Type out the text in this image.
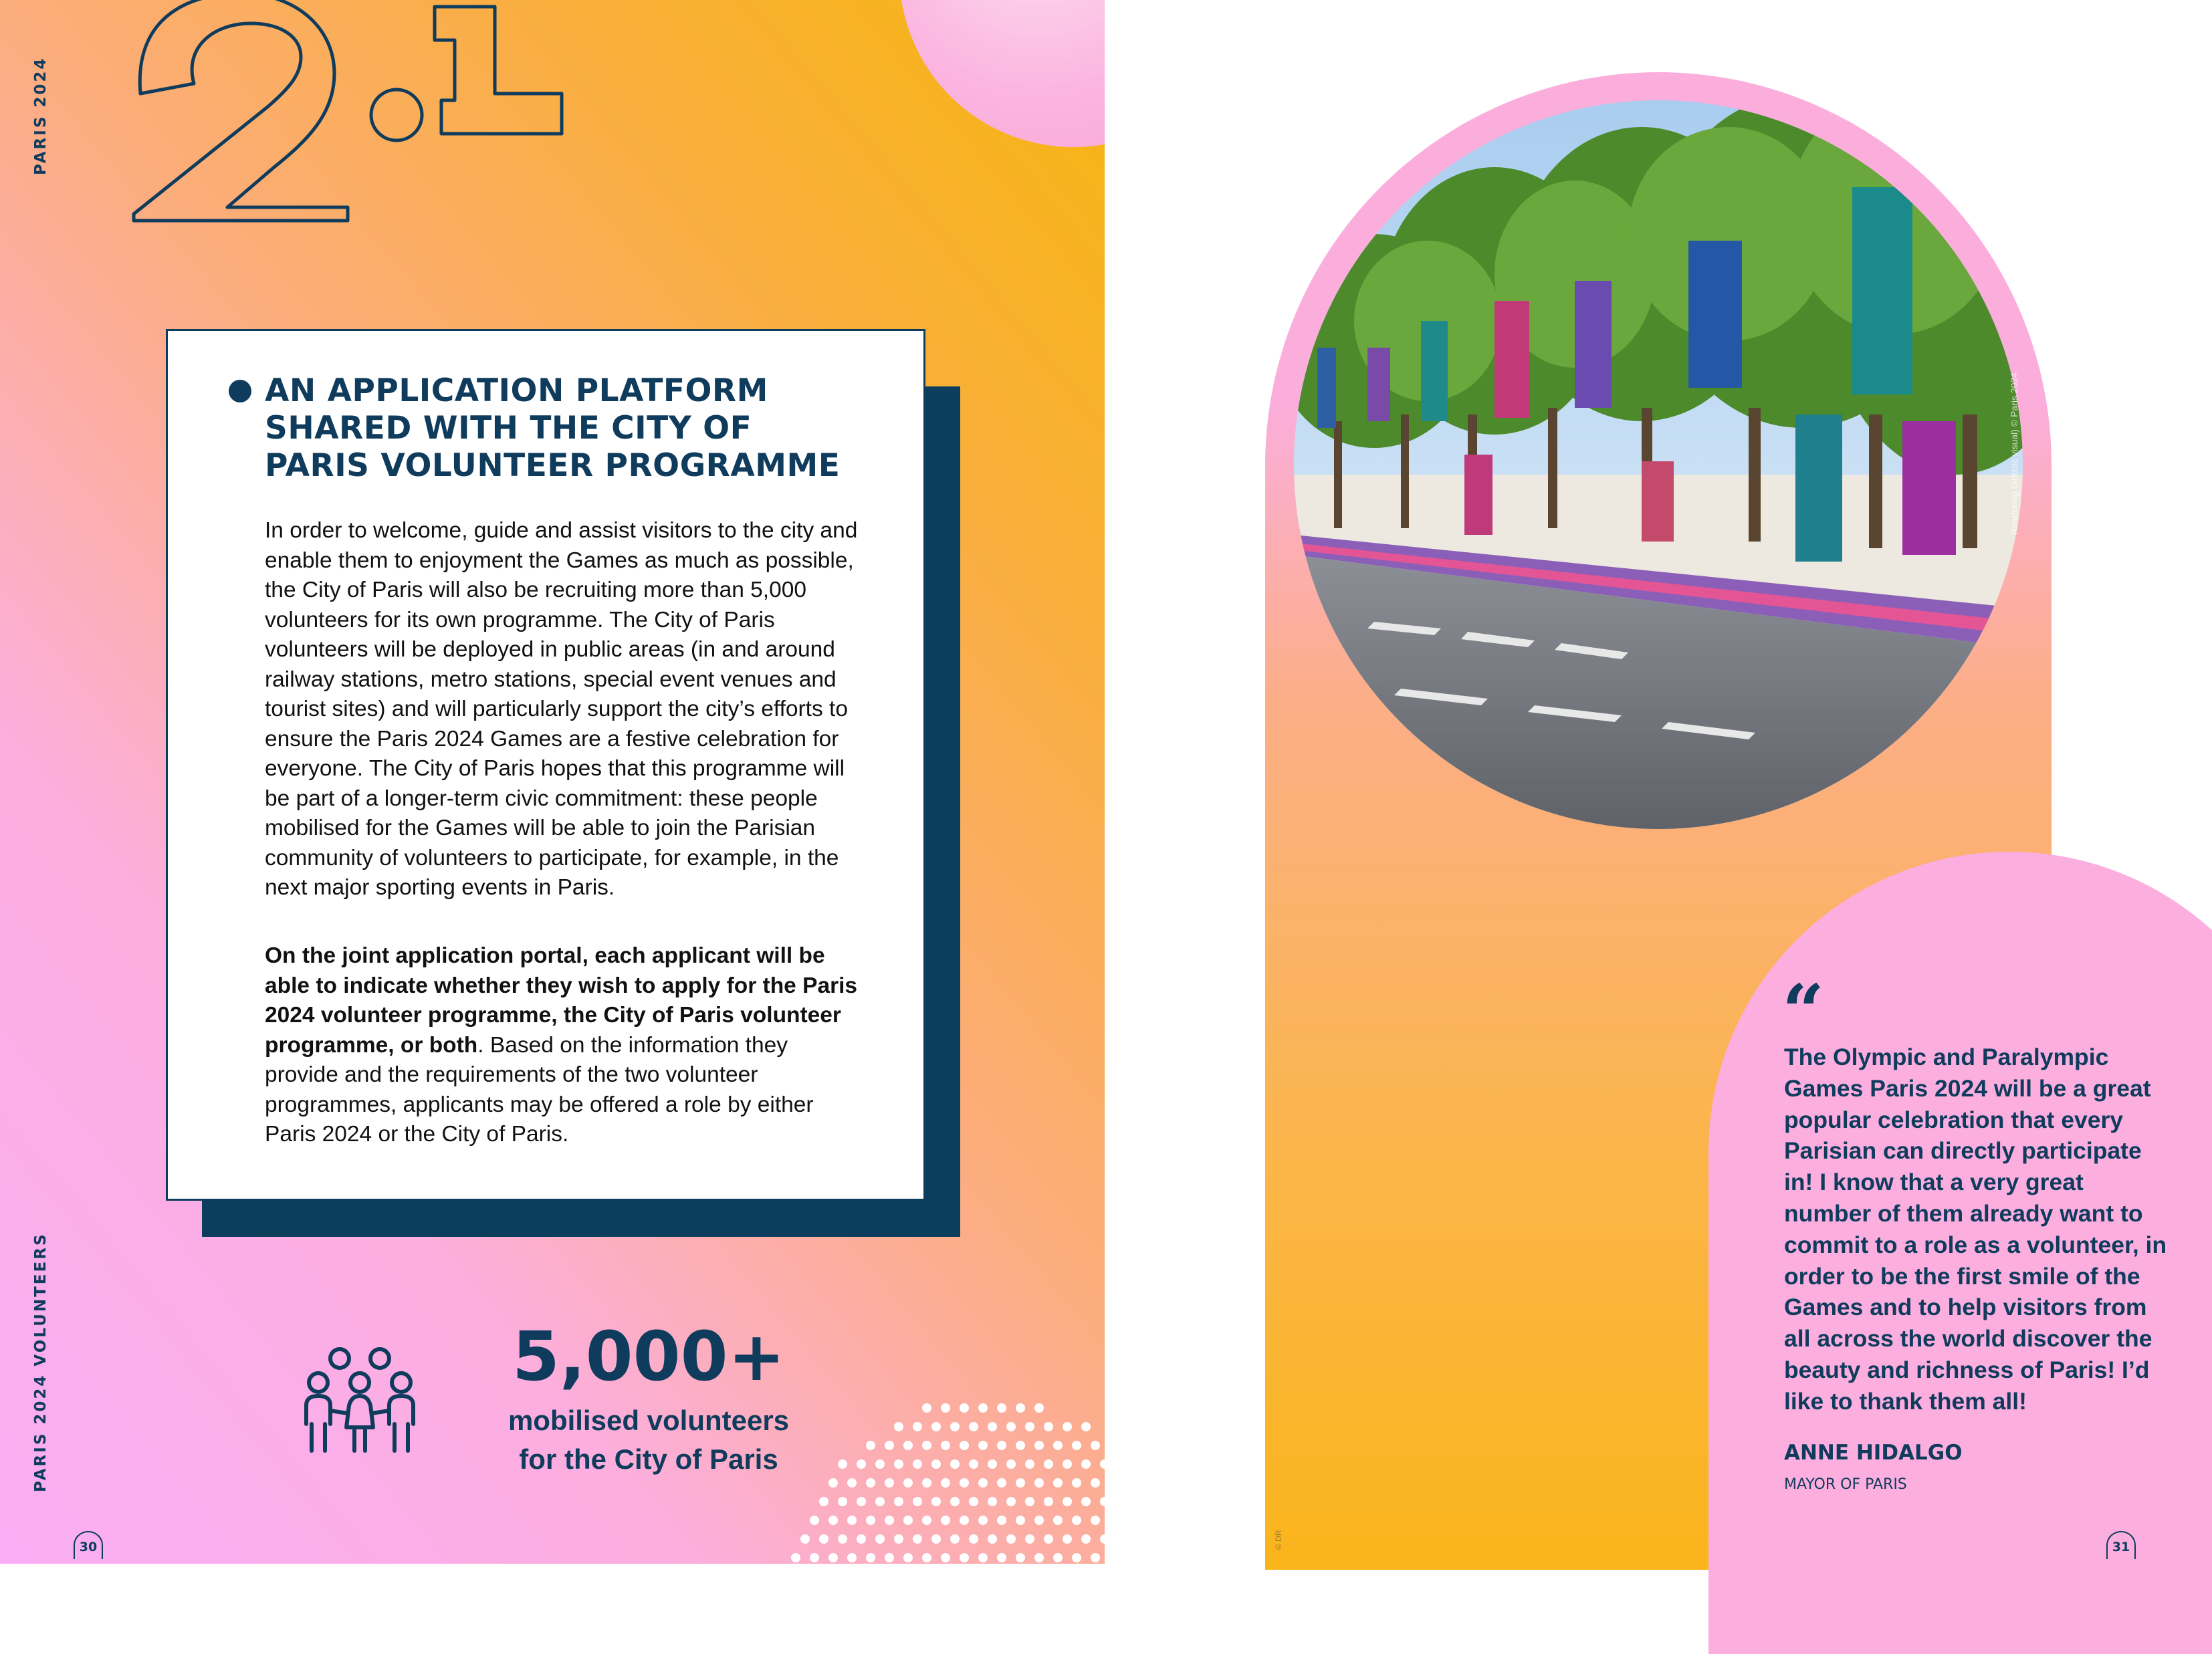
PARIS 2024
PARIS 2024 VOLUNTEERS
AN APPLICATION PLATFORM SHARED WITH THE CITY OF PARIS VOLUNTEER PROGRAMME
In order to welcome, guide and assist visitors to the city and enable them to enjoyment the Games as much as possible, the City of Paris will also be recruiting more than 5,000 volunteers for its own programme. The City of Paris volunteers will be deployed in public areas (in and around railway stations, metro stations, special event venues and tourist sites) and will particularly support the city’s efforts to ensure the Paris 2024 Games are a festive celebration for everyone. The City of Paris hopes that this programme will be part of a longer-term civic commitment: these people mobilised for the Games will be able to join the Parisian community of volunteers to participate, for example, in the next major sporting events in Paris.
On the joint application portal, each applicant will be able to indicate whether they wish to apply for the Paris 2024 volunteer programme, the City of Paris volunteer programme, or both. Based on the information they provide and the requirements of the two volunteer programmes, applicants may be offered a role by either Paris 2024 or the City of Paris.
5,000+
mobilised volunteers
for the City of Paris
30
Rendering (artistic visual) © Paris 2024
“
The Olympic and Paralympic Games Paris 2024 will be a great popular celebration that every Parisian can directly participate in! I know that a very great number of them already want to commit to a role as a volunteer, in order to be the first smile of the Games and to help visitors from all across the world discover the beauty and richness of Paris! I’d like to thank them all!
ANNE HIDALGO
MAYOR OF PARIS
© DR	31
